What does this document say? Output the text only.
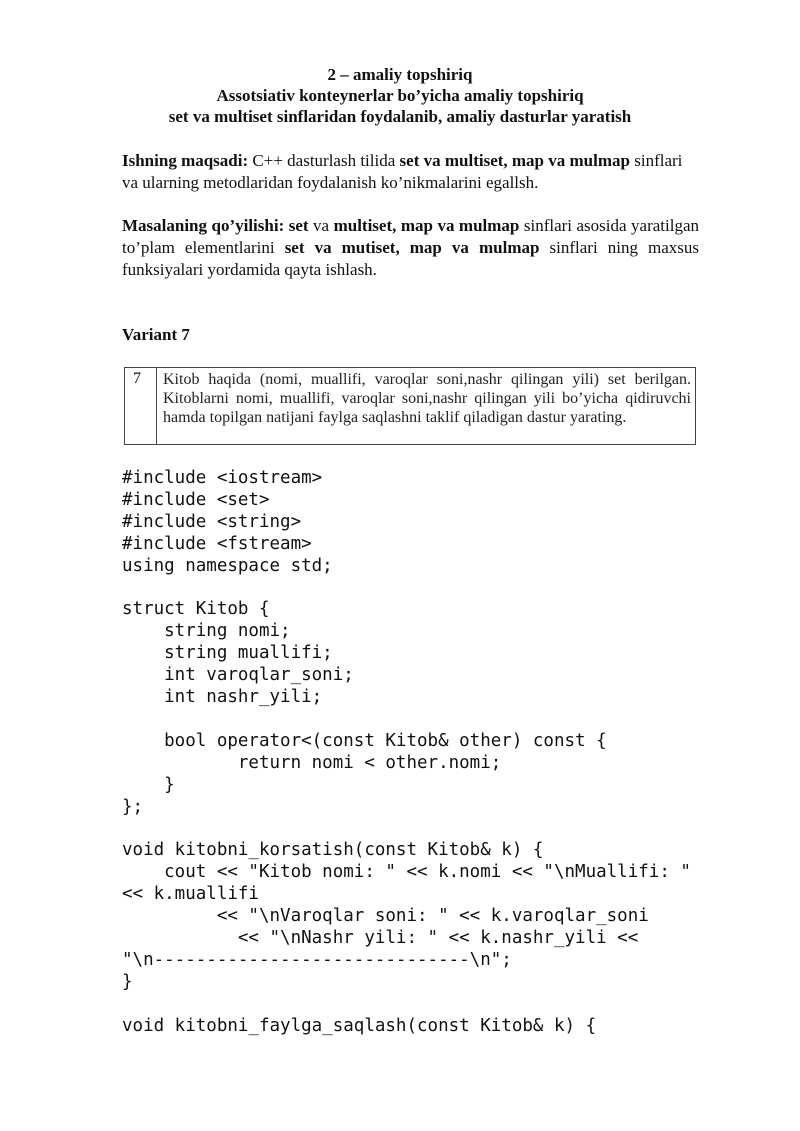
2 – amaliy topshiriq
Assotsiativ konteynerlar bo’yicha amaliy topshiriq
set va multiset sinflaridan foydalanib, amaliy dasturlar yaratish
Ishning maqsadi: C++ dasturlash tilida set va multiset, map va mulmap sinflari va ularning metodlaridan foydalanish ko’nikmalarini egallsh.
Masalaning qo’yilishi: set va multiset, map va mulmap sinflari asosida yaratilgan to’plam elementlarini set va mutiset, map va mulmap sinflari ning maxsus funksiyalari yordamida qayta ishlash.
Variant 7
7	Kitob haqida (nomi, muallifi, varoqlar soni,nashr qilingan yili) set berilgan. Kitoblarni nomi, muallifi, varoqlar soni,nashr qilingan yili bo’yicha qidiruvchi hamda topilgan natijani faylga saqlashni taklif qiladigan dastur yarating.
#include <iostream>
#include <set>
#include <string>
#include <fstream>
using namespace std;

struct Kitob {
string nomi;
string muallifi;
int varoqlar_soni;
int nashr_yili;

bool operator<(const Kitob& other) const {
return nomi < other.nomi;
}
};

void kitobni_korsatish(const Kitob& k) {
cout << "Kitob nomi: " << k.nomi << "\nMuallifi: "
<< k.muallifi
<< "\nVaroqlar soni: " << k.varoqlar_soni
<< "\nNashr yili: " << k.nashr_yili <<
"\n------------------------------\n";
}

void kitobni_faylga_saqlash(const Kitob& k) {
